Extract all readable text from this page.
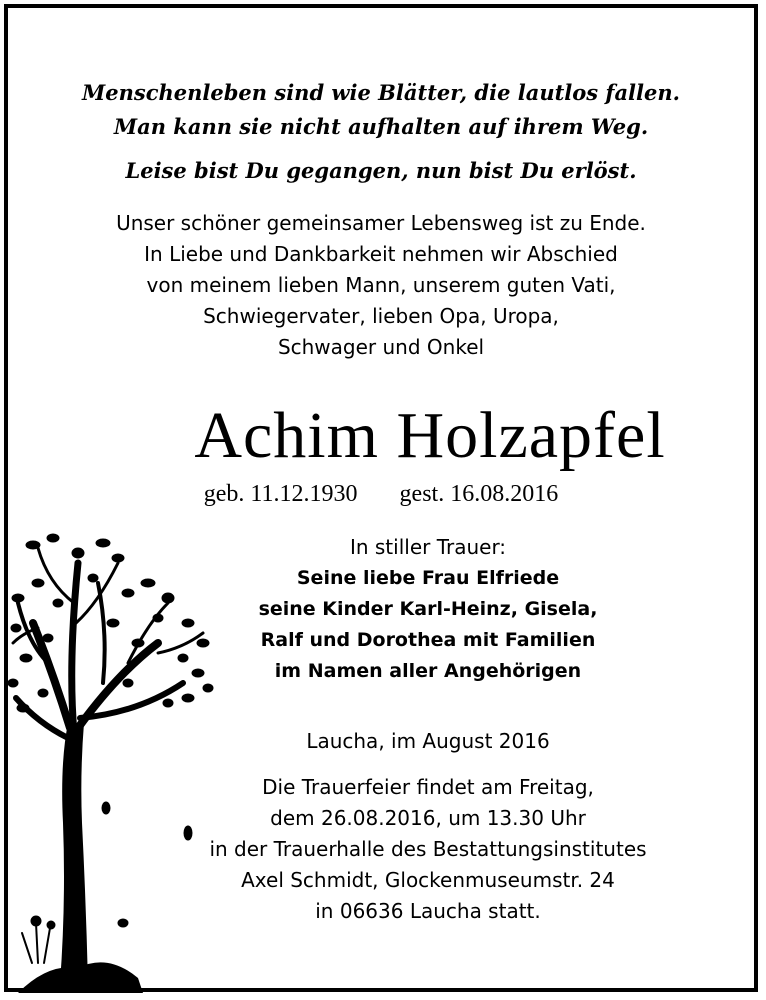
Menschenleben sind wie Blätter, die lautlos fallen.
Man kann sie nicht aufhalten auf ihrem Weg.
Leise bist Du gegangen, nun bist Du erlöst.
Unser schöner gemeinsamer Lebensweg ist zu Ende.
In Liebe und Dankbarkeit nehmen wir Abschied
von meinem lieben Mann, unserem guten Vati,
Schwiegervater, lieben Opa, Uropa,
Schwager und Onkel
Achim Holzapfel
geb. 11.12.1930 gest. 16.08.2016
In stiller Trauer:
Seine liebe Frau Elfriede
seine Kinder Karl-Heinz, Gisela,
Ralf und Dorothea mit Familien
im Namen aller Angehörigen
Laucha, im August 2016
Die Trauerfeier findet am Freitag,
dem 26.08.2016, um 13.30 Uhr
in der Trauerhalle des Bestattungsinstitutes
Axel Schmidt, Glockenmuseumstr. 24
in 06636 Laucha statt.
